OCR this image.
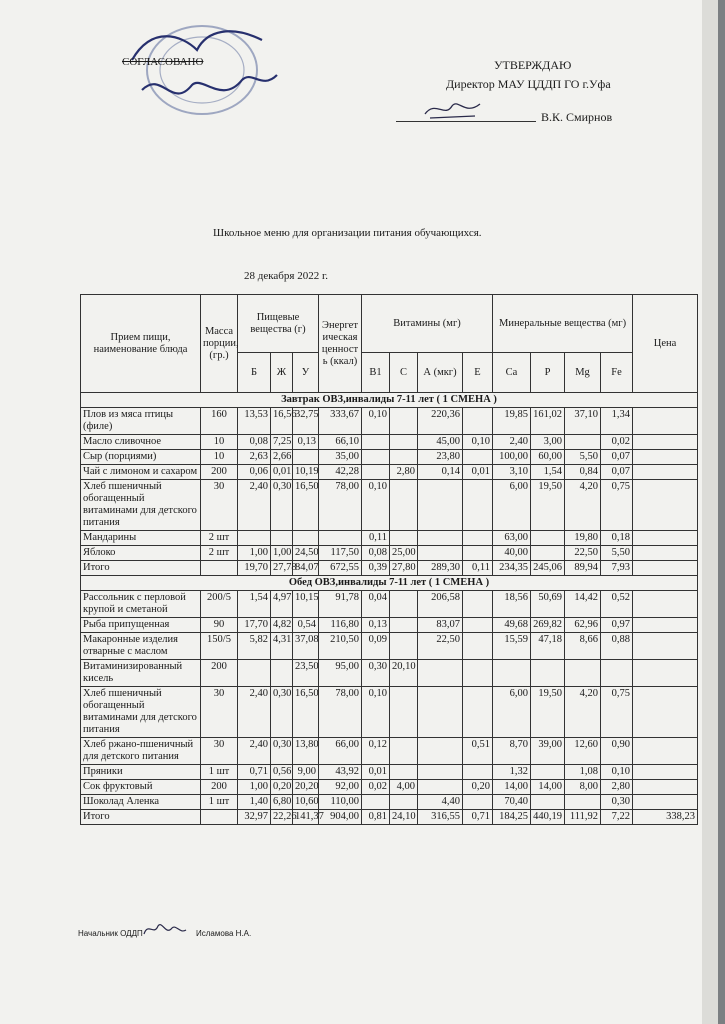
СОГЛАСОВАНО	УТВЕРЖДАЮ
Директор МАУ ЦДДП ГО г.Уфа
В.К. Смирнов
Школьное меню для организации питания обучающихся.
28 декабря 2022 г.
Прием пищи, наименование блюда	Масса порции, (гр.)	Пищевые вещества (г)			Энергетическая ценность (ккал)	Витамины (мг)				Минеральные вещества (мг)				Цена
		Б	Ж	У		В1	С	А (мкг)	Е	Са	Р	Mg	Fe	
Завтрак ОВЗ,инвалиды 7-11 лет ( 1 СМЕНА )														
Плов из мяса птицы (филе)	160	13,53	16,56	32,75	333,67	0,10		220,36		19,85	161,02	37,10	1,34	
Масло сливочное	10	0,08	7,25	0,13	66,10			45,00	0,10	2,40	3,00		0,02	
Сыр (порциями)	10	2,63	2,66		35,00			23,80		100,00	60,00	5,50	0,07	
Чай с лимоном и сахаром	200	0,06	0,01	10,19	42,28		2,80	0,14	0,01	3,10	1,54	0,84	0,07	
Хлеб пшеничный обогащенный витаминами для детского питания	30	2,40	0,30	16,50	78,00	0,10				6,00	19,50	4,20	0,75	
Мандарины	2 шт					0,11				63,00		19,80	0,18	
Яблоко	2 шт	1,00	1,00	24,50	117,50	0,08	25,00			40,00		22,50	5,50	
Итого		19,70	27,78	84,07	672,55	0,39	27,80	289,30	0,11	234,35	245,06	89,94	7,93	
Обед ОВЗ,инвалиды 7-11 лет ( 1 СМЕНА )														
Рассольник с перловой крупой и сметаной	200/5	1,54	4,97	10,15	91,78	0,04		206,58		18,56	50,69	14,42	0,52	
Рыба припущенная	90	17,70	4,82	0,54	116,80	0,13		83,07		49,68	269,82	62,96	0,97	
Макаронные изделия отварные с маслом	150/5	5,82	4,31	37,08	210,50	0,09		22,50		15,59	47,18	8,66	0,88	
Витаминизированный кисель	200			23,50	95,00	0,30	20,10							
Хлеб пшеничный обогащенный витаминами для детского питания	30	2,40	0,30	16,50	78,00	0,10				6,00	19,50	4,20	0,75	
Хлеб ржано-пшеничный для детского питания	30	2,40	0,30	13,80	66,00	0,12			0,51	8,70	39,00	12,60	0,90	
Пряники	1 шт	0,71	0,56	9,00	43,92	0,01				1,32		1,08	0,10	
Сок фруктовый	200	1,00	0,20	20,20	92,00	0,02	4,00		0,20	14,00	14,00	8,00	2,80	
Шоколад Аленка	1 шт	1,40	6,80	10,60	110,00			4,40		70,40			0,30	
Итого		32,97	22,26	141,37	904,00	0,81	24,10	316,55	0,71	184,25	440,19	111,92	7,22	338,23
Начальник ОДДП	Исламова Н.А.
